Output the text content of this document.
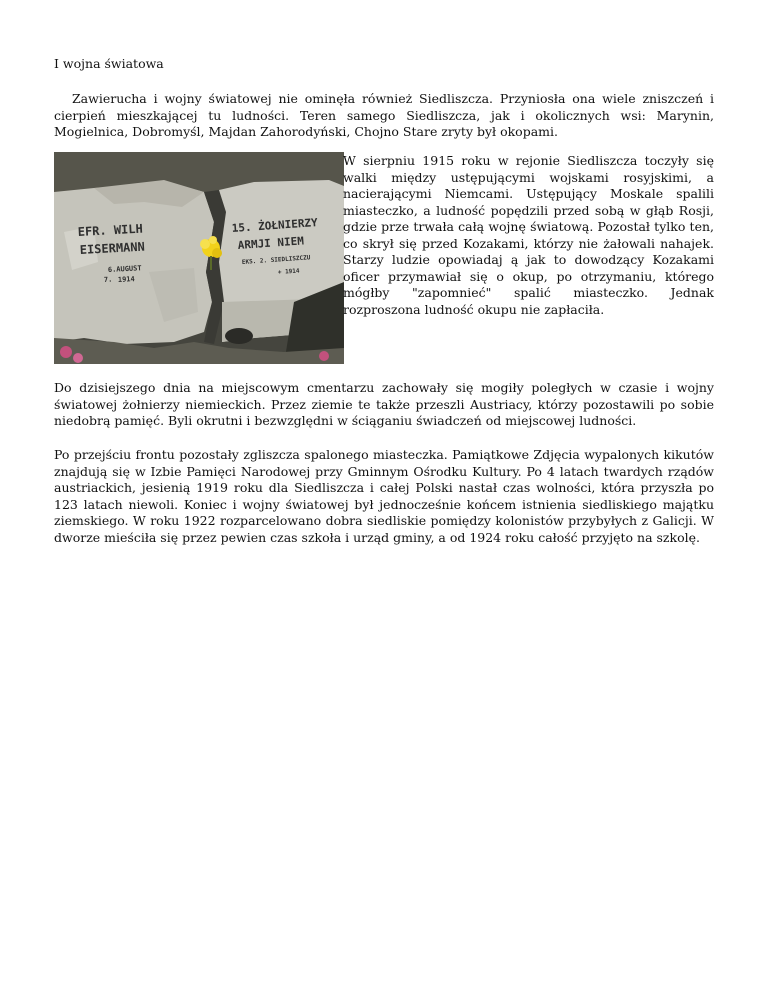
I wojna światowa

Zawierucha i wojny światowej nie ominęła również Siedliszcza. Przyniosła ona wiele zniszczeń i cierpień mieszkającej tu ludności. Teren samego Siedliszcza, jak i okolicznych wsi: Marynin, Mogielnica, Dobromyśl, Majdan Zahorodyński, Chojno Stare zryty był okopami.

EFR. WILH
EISERMANN
6.AUGUST
7. 1914
15. ŻOŁNIERZY
ARMJI NIEM
EKS. 2. SIEDLISZCZU
+ 1914

W sierpniu 1915 roku w rejonie Siedliszcza toczyły się walki między ustępującymi wojskami rosyjskimi, a nacierającymi Niemcami. Ustępujący Moskale spalili miasteczko, a ludność popędzili przed sobą w głąb Rosji, gdzie prze trwała całą wojnę światową. Pozostał tylko ten, co skrył się przed Kozakami, którzy nie żałowali nahajek. Starzy ludzie opowiadaj ą jak to dowodzący Kozakami oficer przymawiał się o okup, po otrzymaniu, którego mógłby "zapomnieć" spalić miasteczko. Jednak rozproszona ludność okupu nie zapłaciła.

Do dzisiejszego dnia na miejscowym cmentarzu zachowały się mogiły poległych w czasie i wojny światowej żołnierzy niemieckich. Przez ziemie te także przeszli Austriacy, którzy pozostawili po sobie niedobrą pamięć. Byli okrutni i bezwzględni w ściąganiu świadczeń od miejscowej ludności.

Po przejściu frontu pozostały zgliszcza spalonego miasteczka. Pamiątkowe Zdjęcia wypalonych kikutów znajdują się w Izbie Pamięci Narodowej przy Gminnym Ośrodku Kultury. Po 4 latach twardych rządów austriackich, jesienią 1919 roku dla Siedliszcza i całej Polski nastał czas wolności, która przyszła po 123 latach niewoli. Koniec i wojny światowej był jednocześnie końcem istnienia siedliskiego majątku ziemskiego. W roku 1922 rozparcelowano dobra siedliskie pomiędzy kolonistów przybyłych z Galicji. W dworze mieściła się przez pewien czas szkoła i urząd gminy, a od 1924 roku całość przyjęto na szkolę.
